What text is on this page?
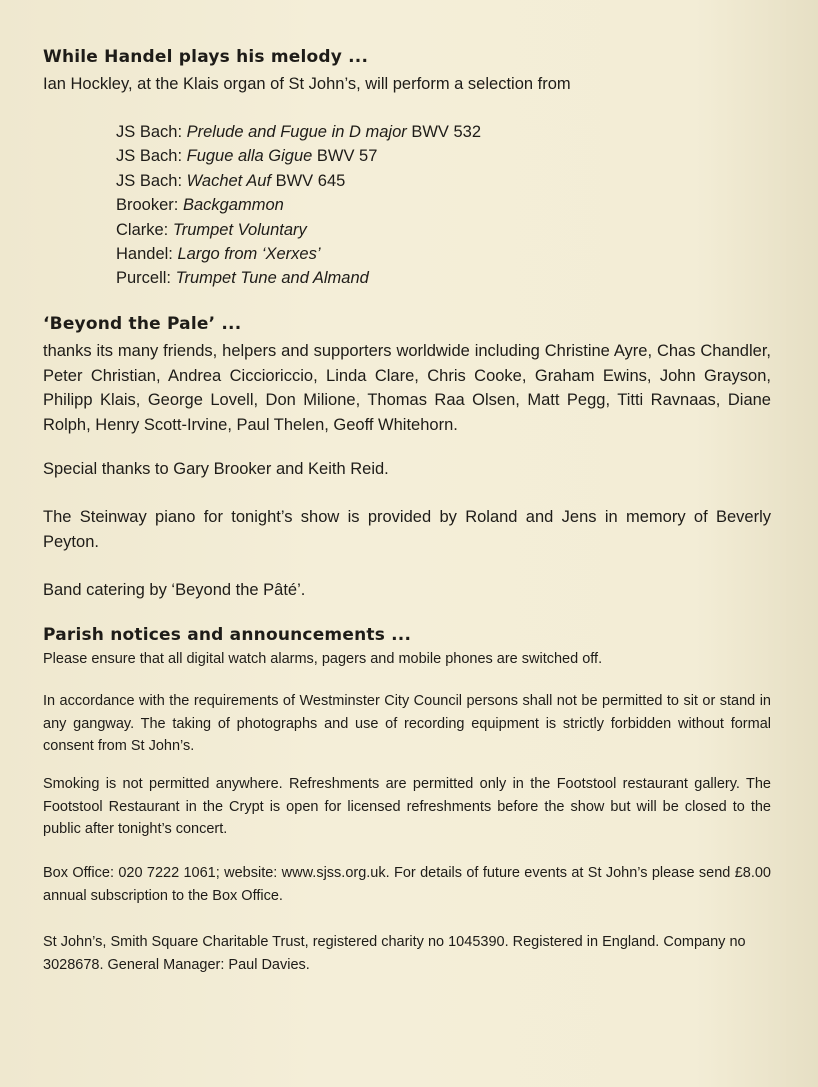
While Handel plays his melody ...
Ian Hockley, at the Klais organ of St John’s, will perform a selection from
JS Bach: Prelude and Fugue in D major BWV 532
JS Bach: Fugue alla Gigue BWV 57
JS Bach: Wachet Auf BWV 645
Brooker: Backgammon
Clarke: Trumpet Voluntary
Handel: Largo from ‘Xerxes’
Purcell: Trumpet Tune and Almand
‘Beyond the Pale’ ...
thanks its many friends, helpers and supporters worldwide including Christine Ayre, Chas Chandler, Peter Christian, Andrea Ciccioriccio, Linda Clare, Chris Cooke, Graham Ewins, John Grayson, Philipp Klais, George Lovell, Don Milione, Thomas Raa Olsen, Matt Pegg, Titti Ravnaas, Diane Rolph, Henry Scott-Irvine, Paul Thelen, Geoff Whitehorn.
Special thanks to Gary Brooker and Keith Reid.
The Steinway piano for tonight’s show is provided by Roland and Jens in memory of Beverly Peyton.
Band catering by ‘Beyond the Pâté’.
Parish notices and announcements ...
Please ensure that all digital watch alarms, pagers and mobile phones are switched off.
In accordance with the requirements of Westminster City Council persons shall not be permitted to sit or stand in any gangway. The taking of photographs and use of recording equipment is strictly forbidden without formal consent from St John’s.
Smoking is not permitted anywhere. Refreshments are permitted only in the Footstool restaurant gallery. The Footstool Restaurant in the Crypt is open for licensed refreshments before the show but will be closed to the public after tonight’s concert.
Box Office: 020 7222 1061; website: www.sjss.org.uk. For details of future events at St John’s please send £8.00 annual subscription to the Box Office.
St John’s, Smith Square Charitable Trust, registered charity no 1045390. Registered in England. Company no 3028678. General Manager: Paul Davies.
